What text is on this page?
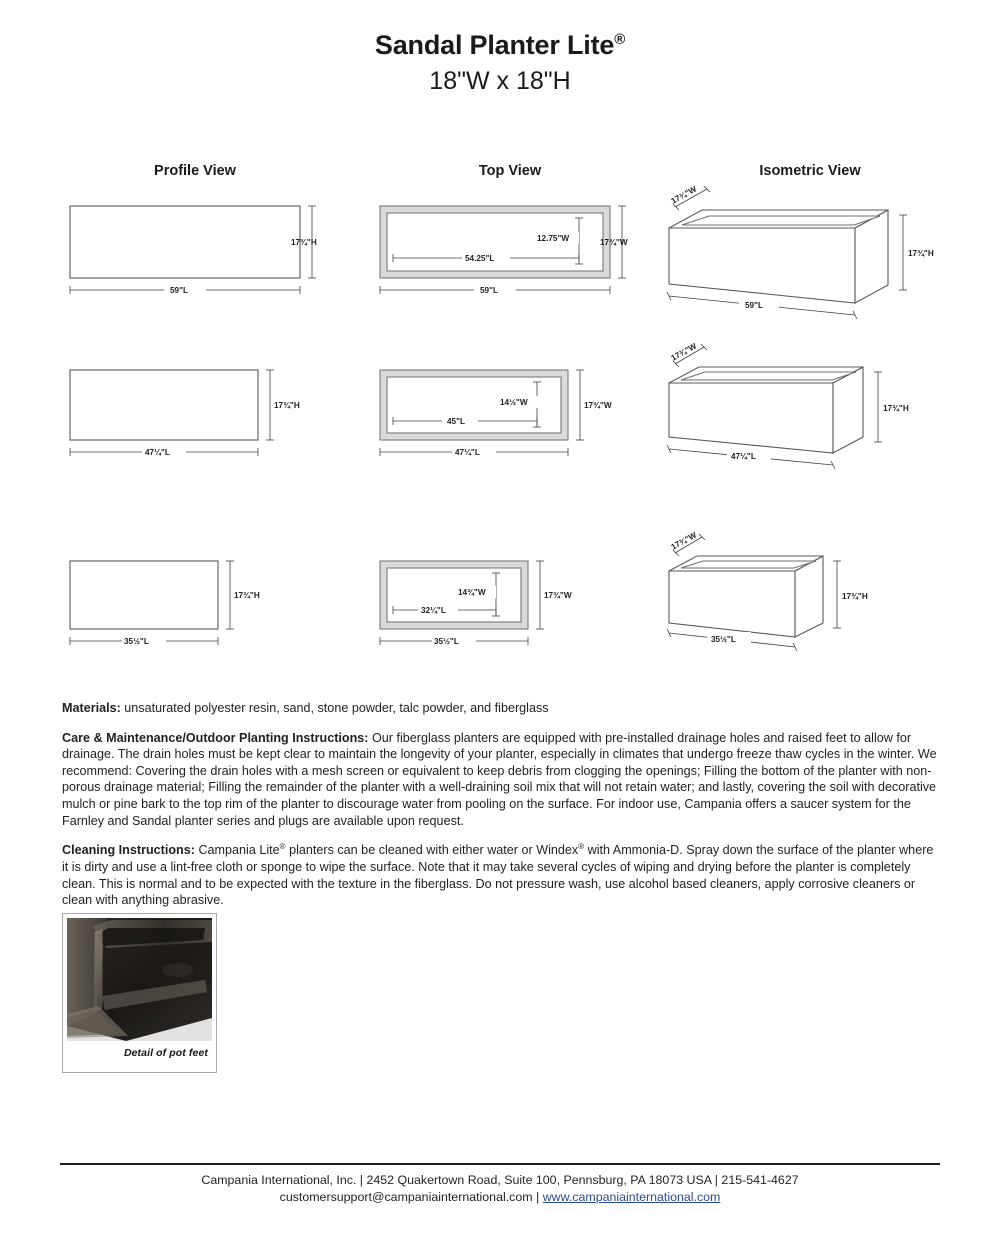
Sandal Planter Lite®
18"W x 18"H
Profile View	Top View	Isometric View
17¾"H
59"L
12.75"W
54.25"L
17¾"W
59"L
17¾"W
17¾"H
59"L
17¾"H
47¼"L
14½"W
45"L
17¾"W
47¼"L
17¾"W
17¾"H
47¼"L
17¾"H
35½"L
14¾"W
32¼"L
17¾"W
35½"L
17¾"W
17¾"H
35½"L

Materials: unsaturated polyester resin, sand, stone powder, talc powder, and fiberglass

Care & Maintenance/Outdoor Planting Instructions: Our fiberglass planters are equipped with pre-installed drainage holes and raised feet to allow for drainage. The drain holes must be kept clear to maintain the longevity of your planter, especially in climates that undergo freeze thaw cycles in the winter. We recommend: Covering the drain holes with a mesh screen or equivalent to keep debris from clogging the openings; Filling the bottom of the planter with non-porous drainage material; Filling the remainder of the planter with a well-draining soil mix that will not retain water; and lastly, covering the soil with decorative mulch or pine bark to the top rim of the planter to discourage water from pooling on the surface. For indoor use, Campania offers a saucer system for the Farnley and Sandal planter series and plugs are available upon request.

Cleaning Instructions: Campania Lite® planters can be cleaned with either water or Windex® with Ammonia-D. Spray down the surface of the planter where it is dirty and use a lint-free cloth or sponge to wipe the surface. Note that it may take several cycles of wiping and drying before the planter is completely clean. This is normal and to be expected with the texture in the fiberglass. Do not pressure wash, use alcohol based cleaners, apply corrosive cleaners or clean with anything abrasive.

Detail of pot feet
Campania International, Inc. | 2452 Quakertown Road, Suite 100, Pennsburg, PA 18073 USA | 215-541-4627
customersupport@campaniainternational.com | www.campaniainternational.com
